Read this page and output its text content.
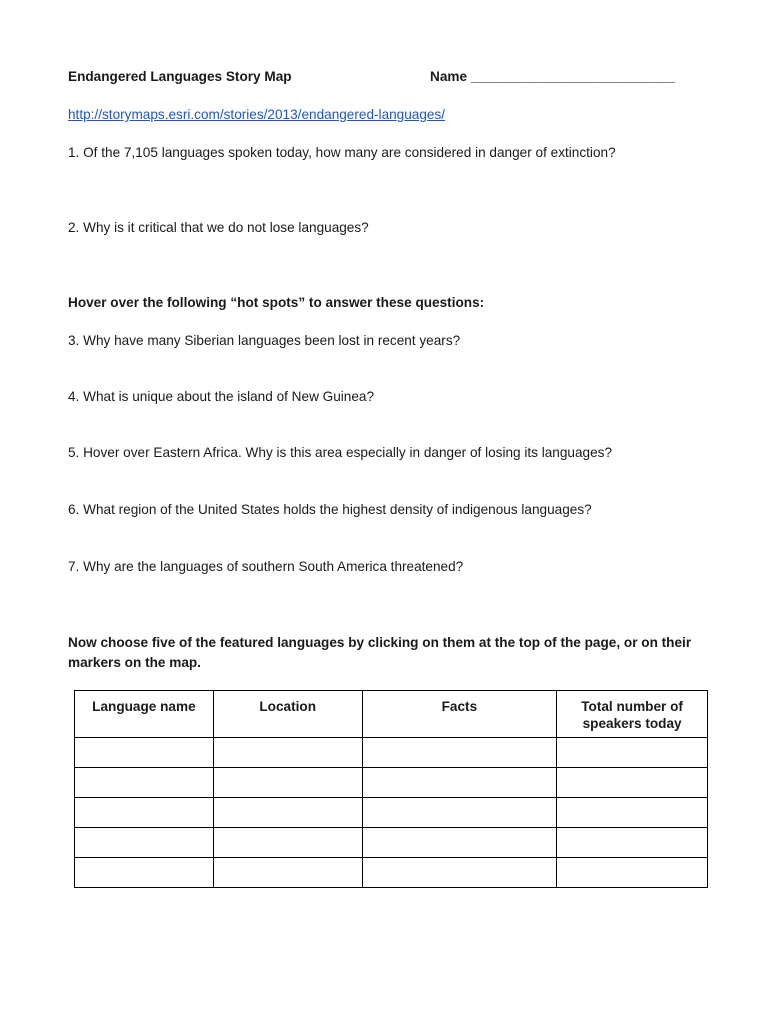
Endangered Languages Story Map	Name ___________________________
http://storymaps.esri.com/stories/2013/endangered-languages/
1. Of the 7,105 languages spoken today, how many are considered in danger of extinction?
2. Why is it critical that we do not lose languages?
Hover over the following “hot spots” to answer these questions:
3. Why have many Siberian languages been lost in recent years?
4. What is unique about the island of New Guinea?
5. Hover over Eastern Africa. Why is this area especially in danger of losing its languages?
6. What region of the United States holds the highest density of indigenous languages?
7. Why are the languages of southern South America threatened?
Now choose five of the featured languages by clicking on them at the top of the page, or on their markers on the map.
Language name	Location	Facts	Total number of speakers today
